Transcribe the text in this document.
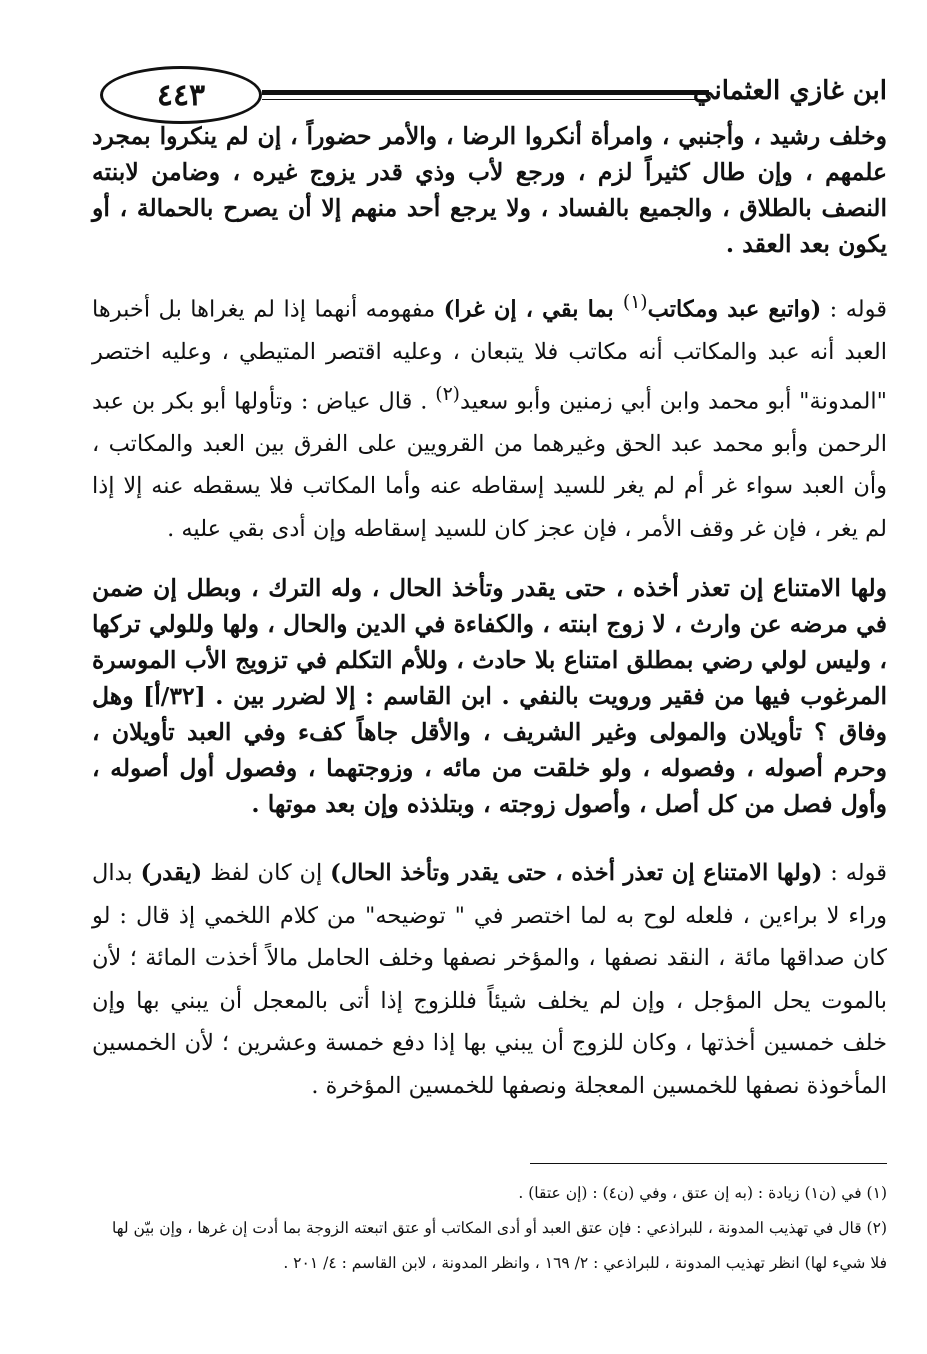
٤٤٣	ابن غازي العثماني

وخلف رشيد ، وأجنبي ، وامرأة أنكروا الرضا ، والأمر حضوراً ، إن لم ينكروا بمجرد علمهم ، وإن طال كثيراً لزم ، ورجع لأب وذي قدر يزوج غيره ، وضامن لابنته النصف بالطلاق ، والجميع بالفساد ، ولا يرجع أحد منهم إلا أن يصرح بالحمالة ، أو يكون بعد العقد .

قوله : (واتبع عبد ومكاتب$^{(١)}$ بما بقي ، إن غرا) مفهومه أنهما إذا لم يغراها بل أخبرها العبد أنه عبد والمكاتب أنه مكاتب فلا يتبعان ، وعليه اقتصر المتيطي ، وعليه اختصر "المدونة" أبو محمد وابن أبي زمنين وأبو سعيد$^{(٢)}$ . قال عياض : وتأولها أبو بكر بن عبد الرحمن وأبو محمد عبد الحق وغيرهما من القرويين على الفرق بين العبد والمكاتب ، وأن العبد سواء غر أم لم يغر للسيد إسقاطه عنه وأما المكاتب فلا يسقطه عنه إلا إذا لم يغر ، فإن غر وقف الأمر ، فإن عجز كان للسيد إسقاطه وإن أدى بقي عليه .

ولها الامتناع إن تعذر أخذه ، حتى يقدر وتأخذ الحال ، وله الترك ، وبطل إن ضمن في مرضه عن وارث ، لا زوج ابنته ، والكفاءة في الدين والحال ، ولها وللولي تركها ، وليس لولي رضي بمطلق امتناع بلا حادث ، وللأم التكلم في تزويج الأب الموسرة المرغوب فيها من فقير ورويت بالنفي . ابن القاسم : إلا لضرر بين . [٣٢/أ] وهل وفاق ؟ تأويلان والمولى وغير الشريف ، والأقل جاهاً كفء وفي العبد تأويلان ، وحرم أصوله ، وفصوله ، ولو خلقت من مائه ، وزوجتهما ، وفصول أول أصوله ، وأول فصل من كل أصل ، وأصول زوجته ، وبتلذذه وإن بعد موتها .

قوله : (ولها الامتناع إن تعذر أخذه ، حتى يقدر وتأخذ الحال) إن كان لفظ (يقدر) بدال وراء لا براءين ، فلعله لوح به لما اختصر في " توضيحه" من كلام اللخمي إذ قال : لو كان صداقها مائة ، النقد نصفها ، والمؤخر نصفها وخلف الحامل مالاً أخذت المائة ؛ لأن بالموت يحل المؤجل ، وإن لم يخلف شيئاً فللزوج إذا أتى بالمعجل أن يبني بها وإن خلف خمسين أخذتها ، وكان للزوج أن يبني بها إذا دفع خمسة وعشرين ؛ لأن الخمسين المأخوذة نصفها للخمسين المعجلة ونصفها للخمسين المؤخرة .

(١) في (ن١) زيادة : (به إن عتق ، وفي (ن٤) : (إن عتقا) .

(٢) قال في تهذيب المدونة ، للبراذعي : فإن عتق العبد أو أدى المكاتب أو عتق اتبعته الزوجة بما أدت إن غرها ، وإن بيّن لها فلا شيء لها) انظر تهذيب المدونة ، للبراذعي : ٢/ ١٦٩ ، وانظر المدونة ، لابن القاسم : ٤/ ٢٠١ .
